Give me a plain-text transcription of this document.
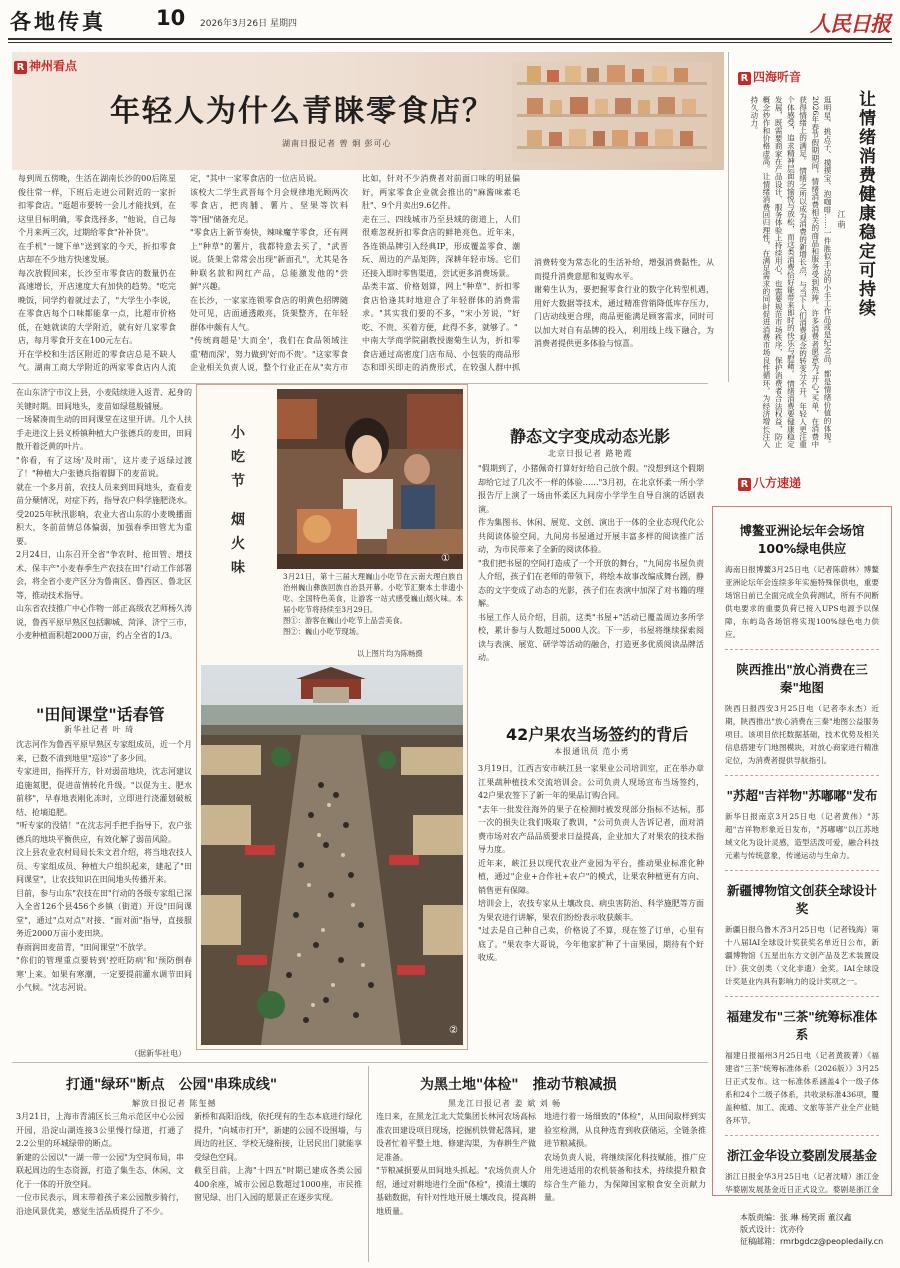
各地传真 10 2026年3月26日 星期四	人民日报
R 神州看点
年轻人为什么青睐零食店？
湖南日报记者 曾 炯 彭可心
每到周五傍晚，生活在湖南长沙的00后陈星俊往常一样，下班后走进公司附近的一家折扣零食店。"逛超市要转一会儿才能找到，在这里目标明确，零食选择多，"他说，自己每个月来两三次，过期给零食"补补货"。
在手机"一键下单"送到家的今天，折扣零食店却在不少地方快速发展。
每次放假回来，长沙至市零食店的数量仍在高速增长，开店速度大有加快的趋势。"吃完晚饭，同学约着就过去了，"大学生小李说，在零食店每个口味都能拿一点，比超市价格低，在她就读的大学附近，就有好几家零食店，每月零食开支在100元左右。
开在学校和生活区附近的零食店总是不缺人气。湖南工商大学附近的两家零食店内人流
定，"其中一家零食店的一位店员说。
该校大二学生武晋每个月会规律地光顾两次零食店，把肉脯、薯片、坚果等饮料等"囤"储备充足。
"零食店上新节奏快，辣味魔芋零食，还有网上"种草"的薯片，我都特意去买了，"武晋说。货架上常常会出现"新面孔"，尤其是各种联名款和网红产品，总能激发他的"尝鲜"兴趣。
在长沙，一家家连锁零食店的明黄色招牌随处可见，店面通透敞亮，货架整齐，在年轻群体中颇有人气。
"传统商超是'大而全'，我们在食品领域注重'精而深'，努力做到'好而不贵'。"这家零食企业相关负责人说，整个行业正在从"卖方市

比如，针对不少消费者对前面口味的明显偏好，两家零食企业就会推出的"麻酱味素毛肚"、9个月卖出9.6亿件。
走在三、四线城市乃至县域的街道上，人们很难忽视折扣零食店的鲜艳亮色。近年来，各连锁品牌引入经典IP，形成覆盖零食、潮玩、周边的产品矩阵，深耕年轻市场。它们还接入即时零售渠道，尝试更多消费场景。
品类丰富、价格划算，网上"种草"、折扣零食店恰逢其时地迎合了年轻群体的消费需求。"其实我们要的不多，"宋小芳说，"好吃、不贵、买着方便，此得不多，就够了。"
中南大学商学院副教授谢菊生认为，折扣零食店通过高密度门店布局、小包装的商品形态和即买即走的消费形式，在较强人群中抓
消费转变为常态化的生活补给，增强消费黏性，从而提升消费意愿和复购水平。
谢菊生认为，要把握零食行业的数字化转型机遇，用好大数据等技术，通过精准营销降低库存压力，门店动线更合理，商品更能满足顾客需求，同时可以加大对自有品牌的投入，利用线上线下融合，为消费者提供更多体验与惊喜。
R 四海听音
让情绪消费健康稳定可持续
江 萌
逛明星、挑点子、摸摸宝、泡咖啡……一件胜似手边的小手工作品或是纪念品，都是情绪价值的体现。2026年春节假期期间，情绪消费相关的商品和服务受到热捧。许多消费者愿意为"开心"买单，在消费中获得情绪上的满足。 情绪之所以成为消费的新增长点，与当下人们消费观念的转变分不开。年轻人更注重个体感受，追求精神层面的愉悦与放松，而这类消费恰好能带来即时的快乐与慰藉。 情绪消费要健康稳定发展，既需要商家在产品设计、服务体验上持续用心，也需要规范市场秩序，保护消费者合法权益，防止概念炒作和价格虚高。让情绪消费回归理性，在满足需求的同时促进消费市场良性循环，为经济增长注入持久动力。
R 八方速递
博鳌亚洲论坛年会场馆100%绿电供应

海南日报博鳌3月25日电（记者陈蔚林）博鳌亚洲论坛年会连续多年实施特殊保供电，重要场馆日前已全面完成全负荷测试，所有不间断供电要求的重要负荷已接入UPS电源予以保障，东屿岛各场馆将实现100%绿色电力供应。

陕西推出"放心消费在三秦"地图

陕西日报西安3月25日电（记者李永杰）近期，陕西推出"放心消费在三秦"地图公益服务项目。该项目依托数据基础，技术优势及相关信息搭建专门地图模块，对放心商家进行精准定位，为消费者提供导航指引。

"苏超"吉祥物"苏嘟嘟"发布

新华日报南京3月25日电（记者黄伟）"苏超"吉祥物形象近日发布，"苏嘟嘟"以江苏地域文化为设计灵感，造型活泼可爱，融合科技元素与传统意象，传递运动与生命力。

新疆博物馆文创获全球设计奖

新疆日报乌鲁木齐3月25日电（记者钱海）第十八届IAI全球设计奖获奖名单近日公布，新疆博物馆《五星出东方文创产品及艺术装置设计》获文创类（文化非遗）金奖。IAI全球设计奖是业内具有影响力的设计奖项之一。

福建发布"三茶"统筹标准体系

福建日报福州3月25日电（记者黄筱菁）《福建省"三茶"统筹标准体系（2026版）》3月25日正式发布。这一标准体系涵盖4个一级子体系和24个二级子体系，共收录标准436项，覆盖种植、加工、流通、文旅等茶产业全产业链各环节。

浙江金华设立婺剧发展基金

浙江日报金华3月25日电（记者沈晴）浙江金华婺剧发展基金近日正式设立。婺剧是浙江金

本版责编：张 琳 杨笑雨 董汉鑫
版式设计：沈亦伶
征稿邮箱：rmrbgdcz@peopledaily.cn
在山东济宁市汶上县，小麦陆续进入返青、起身的关键时期。田间地头，麦苗如绿毯般铺展。
一场紧凑而生动的田间课堂在这里开讲。几个人扶手走进汶上县义桥镇种植大户张德兵的麦田，田间散开着泛黄的叶片。
"你看，有了这场'及时雨'，这片麦子返绿过渡了！"种植大户张德兵指着脚下的麦苗说。
就在一个多月前，农技人员来到田间地头，查看麦苗分蘖情况，对症下药，指导农户科学施肥浇水。
受2025年秋汛影响，农业大省山东的小麦晚播面积大，冬前苗情总体偏弱，加强春季田管尤为重要。
2月24日，山东召开全省"争农时、抢田管、增技术、保丰产"小麦春季生产农技在田"行动工作部署会，将全省小麦产区分为鲁南区、鲁西区、鲁北区等，推动技术指导。
山东省农技推广中心作物一部正高级农艺师杨久涛说，鲁西平原早熟区包括聊城、菏泽、济宁三市，小麦种植面积超2000万亩，约占全省的1/3。
"田间课堂"话春管
新华社记者 叶 琦
沈志河作为鲁西平原早熟区专家组成员，近一个月来，已数不清到地里"巡诊"了多少回。
专家进田，指挥开方，针对弱苗地块，沈志河建议追施氮肥，促进苗情转化升级。"以促为主、肥水前移"，早春地表刚化冻时，立即进行浇灌划破板结、抢墒追肥。
"听专家的没错！"在沈志河手把手指导下，农户张德兵的地块平衡供应，有效化解了弱苗风险。
汶上县农业农村局局长朱文君介绍，将当地农技人员、专家组成员、种植大户组织起来，建起了"田间课堂"，让农技知识在田间地头传播开来。
目前，参与山东"农技在田"行动的各级专家组已深入全省126个县456个乡镇（街道）开设"田间课堂"，通过"点对点"对接、"面对面"指导，直接服务近2000万亩小麦田块。
春雨润田麦苗青，"田间课堂"不放学。
"你们的管理重点要转到'控旺防病'和'预防倒春寒'上来。如果有寒潮，一定要提前灌水调节田间小气候。"沈志河说。
（据新华社电）
小吃节 烟火味	①
3月21日，第十三届大理巍山小吃节在云南大理白族自治州巍山彝族回族自治县开幕。小吃节汇聚本土非遗小吃、全国特色美食，让游客一站式感受巍山烟火味。本届小吃节将持续至3月29日。
图①：游客在巍山小吃节上品尝美食。
图②：巍山小吃节现场。
以上图片均为陈畅摄
②
静态文字变成动态光影
北京日报记者 路艳霞
"假期到了，小猪佩奇打算好好给自己放个假。"没想到这个假期却给它过了几次不一样的体验……"3月初，在北京怀柔一所小学报告厅上演了一场由怀柔区九间房小学学生自导自演的话剧表演。
作为集图书、休闲、展览、文创、演出于一体的全业态现代化公共阅读体验空间，九间房书屋通过开展丰富多样的阅读推广活动，为市民带来了全新的阅读体验。
"我们把书屋的空间打造成了一个开放的舞台，"九间房书屋负责人介绍，孩子们在老师的带领下，将绘本故事改编成舞台剧，静态的文字变成了动态的光影，孩子们在表演中加深了对书籍的理解。
书屋工作人员介绍，目前，这类"书屋+"活动已覆盖周边多所学校，累计参与人数超过5000人次。下一步，书屋将继续探索阅读与表演、展览、研学等活动的融合，打造更多优质阅读品牌活动。
42户果农当场签约的背后
本报通讯员 范小勇
3月19日，江西吉安市峡江县一家果业公司培训室，正在举办章江果蔬种植技术交流培训会。公司负责人现场宣布当场签约，42户果农签下了新一年的果品订购合同。
"去年一批发往海外的果子在检测时被发现部分指标不达标，那一次的损失让我们吸取了教训，"公司负责人告诉记者，面对消费市场对农产品品质要求日益提高，企业加大了对果农的技术指导力度。
近年来，峡江县以现代农业产业园为平台，推动果业标准化种植，通过"企业+合作社+农户"的模式，让果农种植更有方向、销售更有保障。
培训会上，农技专家从土壤改良、病虫害防治、科学施肥等方面为果农进行讲解，果农们纷纷表示收获颇丰。
"过去是自己种自己卖，价格说了不算，现在签了订单，心里有底了。"果农李大哥说，今年他家扩种了十亩果园，期待有个好收成。
打通"绿环"断点　公园"串珠成线"
解放日报记者 陈玺撼
3月21日，上海市青浦区长三角示范区中心公园开园，沿淀山湖连接3公里慢行绿道，打通了2.2公里的环城绿带的断点。
新建的公园以"一湖一带一公园"为空间布局，串联起周边的生态资源，打造了集生态、休闲、文化于一体的开放空间。
一位市民表示，周末带着孩子来公园散步骑行，沿途风景优美，感觉生活品质提升了不少。
新桥和高阳沿线，依托现有的生态本底进行绿化提升，"向城市打开"，新建的公园不设围墙，与周边的社区、学校无缝衔接，让居民出门就能享受绿色空间。
截至目前，上海"十四五"时期已建成各类公园400余座，城市公园总数超过1000座，市民推窗见绿、出门入园的愿景正在逐步实现。
为黑土地"体检"　推动节粮减损
黑龙江日报记者 姜 斌 刘 畅
连日来，在黑龙江北大荒集团长林河农场高标准农田建设项目现场，挖掘机铁臂起落间，建设者忙着平整土地、修建沟渠，为春耕生产做足准备。
"节粮减损要从田间地头抓起。"农场负责人介绍，通过对耕地进行全面"体检"，摸清土壤的基础数据，有针对性地开展土壤改良，提高耕地质量。
地进行着一场细致的"体检"，从田间取样到实验室检测，从良种选育到收获储运，全链条推进节粮减损。
农场负责人说，将继续深化科技赋能，推广应用先进适用的农机装备和技术，持续提升粮食综合生产能力，为保障国家粮食安全贡献力量。
